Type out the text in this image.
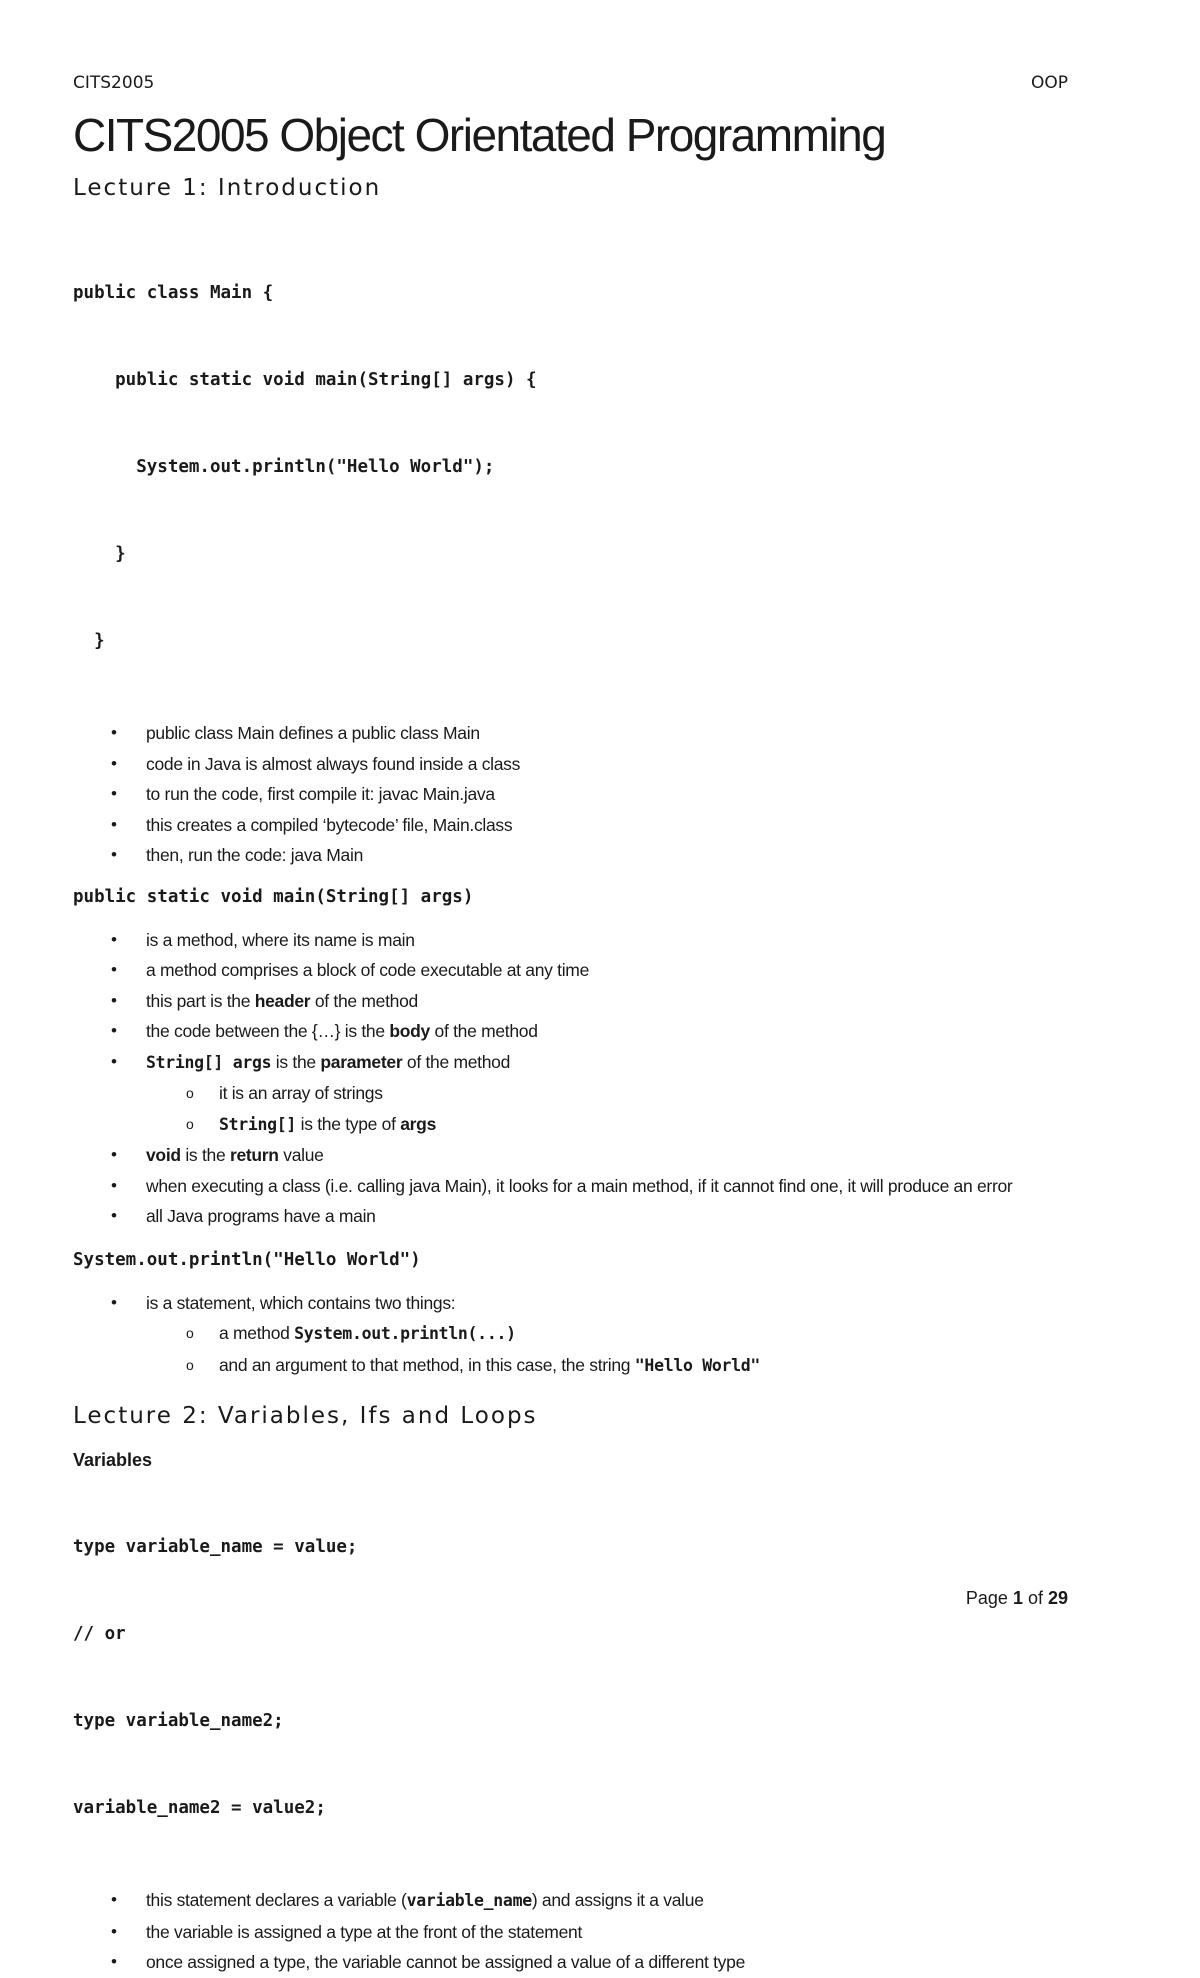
CITS2005	OOP
CITS2005 Object Orientated Programming
Lecture 1: Introduction

public class Main {

public static void main(String[] args) {

System.out.println("Hello World");

}

}

• public class Main defines a public class Main
• code in Java is almost always found inside a class
• to run the code, first compile it: javac Main.java
• this creates a compiled ‘bytecode’ file, Main.class
• then, run the code: java Main
public static void main(String[] args)
• is a method, where its name is main
• a method comprises a block of code executable at any time
• this part is the header of the method
• the code between the {…} is the body of the method
• String[] args is the parameter of the method
o it is an array of strings
o String[] is the type of args
• void is the return value
• when executing a class (i.e. calling java Main), it looks for a main method, if it cannot find one, it will produce an error
• all Java programs have a main
System.out.println("Hello World")
• is a statement, which contains two things:
o a method System.out.println(...)
o and an argument to that method, in this case, the string "Hello World"
Lecture 2: Variables, Ifs and Loops
Variables

type variable_name = value;

// or

type variable_name2;

variable_name2 = value2;

• this statement declares a variable (variable_name) and assigns it a value
• the variable is assigned a type at the front of the statement
• once assigned a type, the variable cannot be assigned a value of a different type
Page 1 of 29
